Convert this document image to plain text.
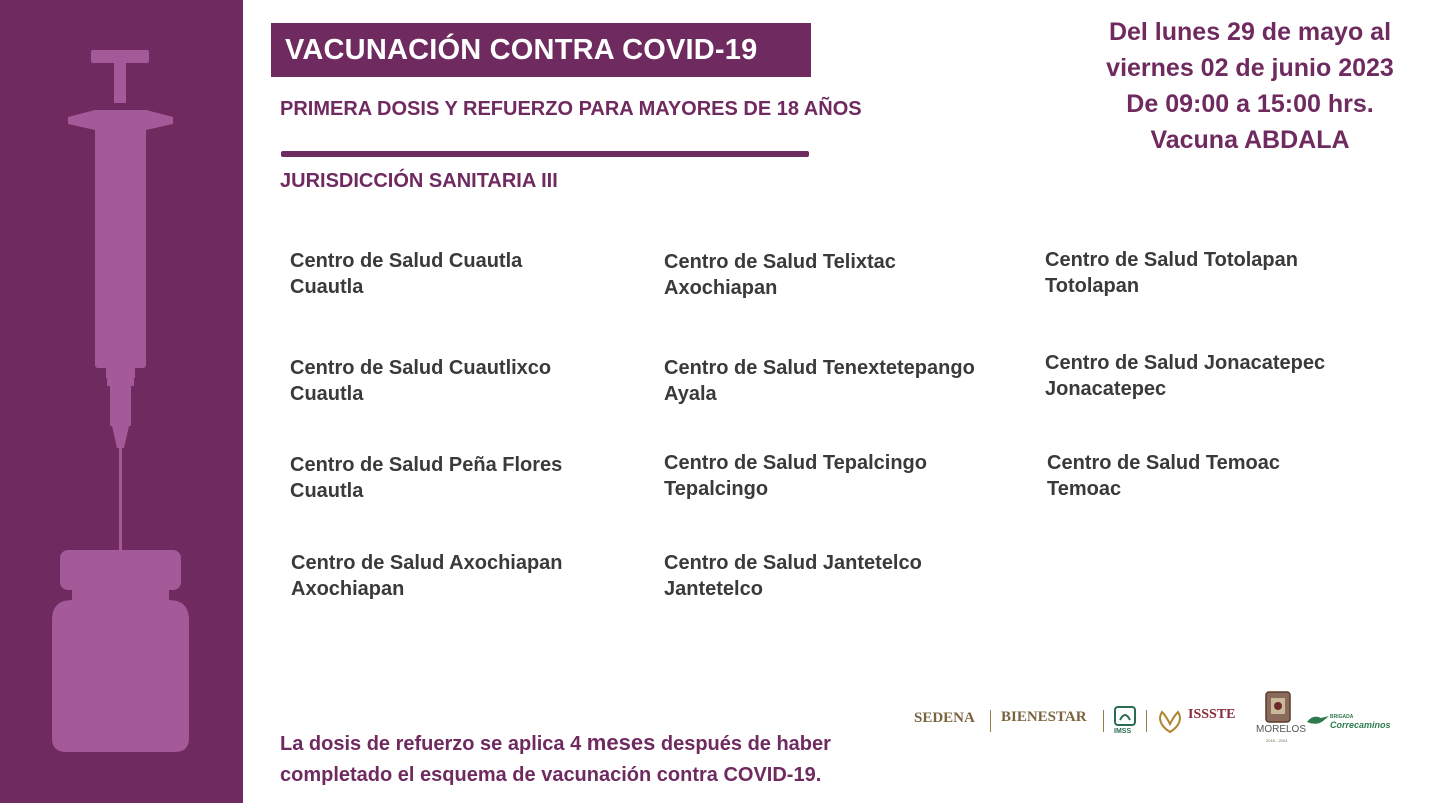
VACUNACIÓN CONTRA COVID-19
PRIMERA DOSIS Y REFUERZO PARA MAYORES DE 18 AÑOS
JURISDICCIÓN SANITARIA III
Del lunes 29 de mayo al
viernes 02 de junio 2023
De 09:00 a 15:00 hrs.
Vacuna ABDALA
Centro de Salud Cuautla
Cuautla
Centro de Salud Telixtac
Axochiapan
Centro de Salud Totolapan
Totolapan
Centro de Salud Cuautlixco
Cuautla
Centro de Salud Tenextetepango
Ayala
Centro de Salud Jonacatepec
Jonacatepec
Centro de Salud Peña Flores
Cuautla
Centro de Salud Tepalcingo
Tepalcingo
Centro de Salud Temoac
Temoac
Centro de Salud Axochiapan
Axochiapan
Centro de Salud Jantetelco
Jantetelco
La dosis de refuerzo se aplica 4 meses después de haber completado el esquema de vacunación contra COVID-19.
SEDENA BIENESTAR
IMSS
ISSSTE
MORELOS
2018 - 2024
BRIGADA
Correcaminos
